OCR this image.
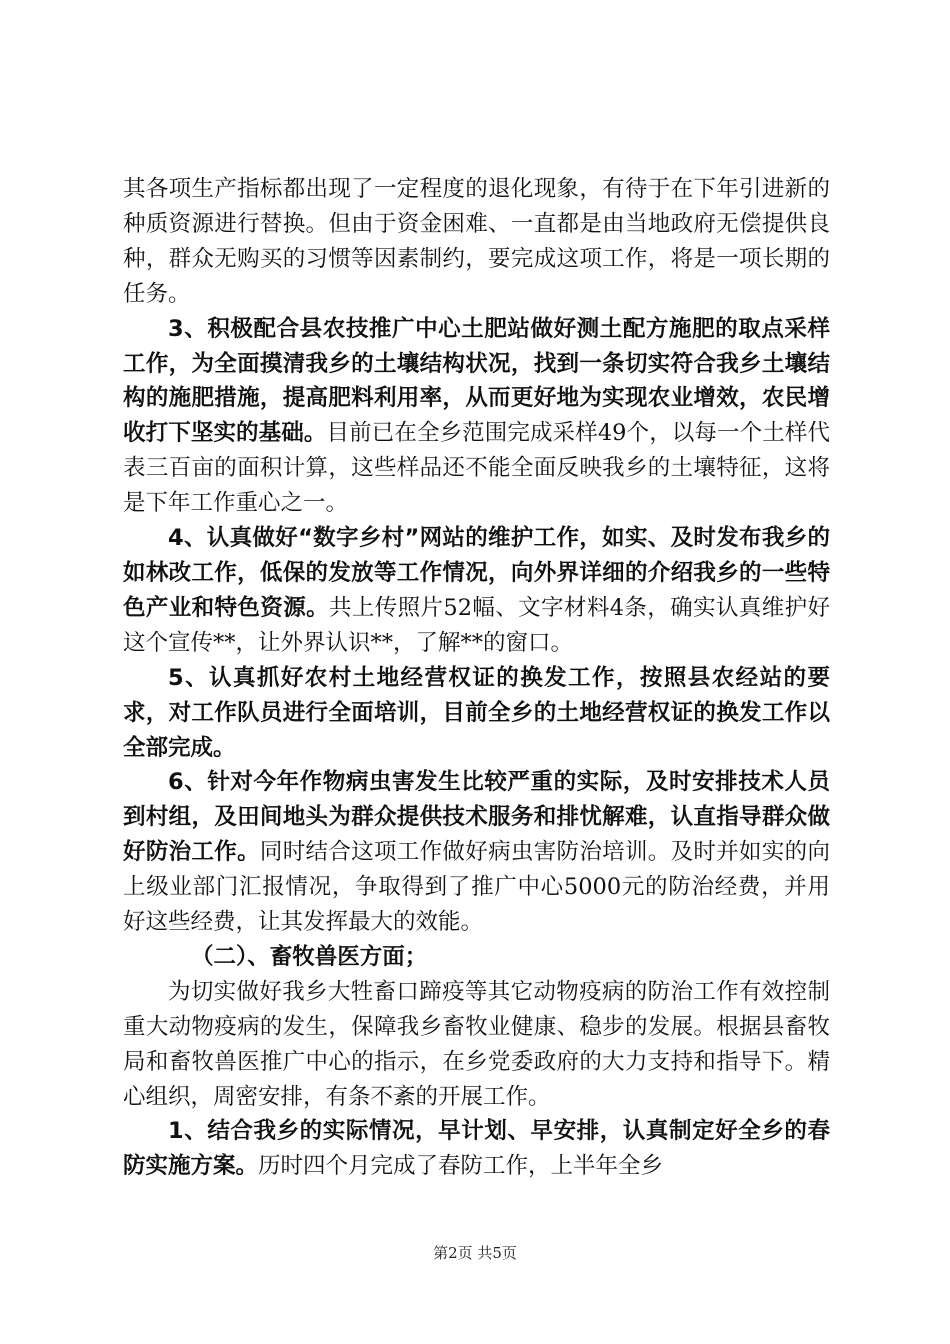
其各项生产指标都出现了一定程度的退化现象，有待于在下年引进新的种质资源进行替换。但由于资金困难、一直都是由当地政府无偿提供良种，群众无购买的习惯等因素制约，要完成这项工作，将是一项长期的任务。

3、积极配合县农技推广中心土肥站做好测土配方施肥的取点采样工作，为全面摸清我乡的土壤结构状况，找到一条切实符合我乡土壤结构的施肥措施，提高肥料利用率，从而更好地为实现农业增效，农民增收打下坚实的基础。目前已在全乡范围完成采样49个，以每一个土样代表三百亩的面积计算，这些样品还不能全面反映我乡的土壤特征，这将是下年工作重心之一。

4、认真做好“数字乡村”网站的维护工作，如实、及时发布我乡的如林改工作，低保的发放等工作情况，向外界详细的介绍我乡的一些特色产业和特色资源。共上传照片52幅、文字材料4条，确实认真维护好这个宣传**，让外界认识**，了解**的窗口。

5、认真抓好农村土地经营权证的换发工作，按照县农经站的要求，对工作队员进行全面培训，目前全乡的土地经营权证的换发工作以全部完成。

6、针对今年作物病虫害发生比较严重的实际，及时安排技术人员到村组，及田间地头为群众提供技术服务和排忧解难，认直指导群众做好防治工作。同时结合这项工作做好病虫害防治培训。及时并如实的向上级业部门汇报情况，争取得到了推广中心5000元的防治经费，并用好这些经费，让其发挥最大的效能。

（二）、畜牧兽医方面；

为切实做好我乡大牲畜口蹄疫等其它动物疫病的防治工作有效控制重大动物疫病的发生，保障我乡畜牧业健康、稳步的发展。根据县畜牧局和畜牧兽医推广中心的指示，在乡党委政府的大力支持和指导下。精心组织，周密安排，有条不紊的开展工作。

1、结合我乡的实际情况，早计划、早安排，认真制定好全乡的春防实施方案。历时四个月完成了春防工作，上半年全乡

第2页 共5页
